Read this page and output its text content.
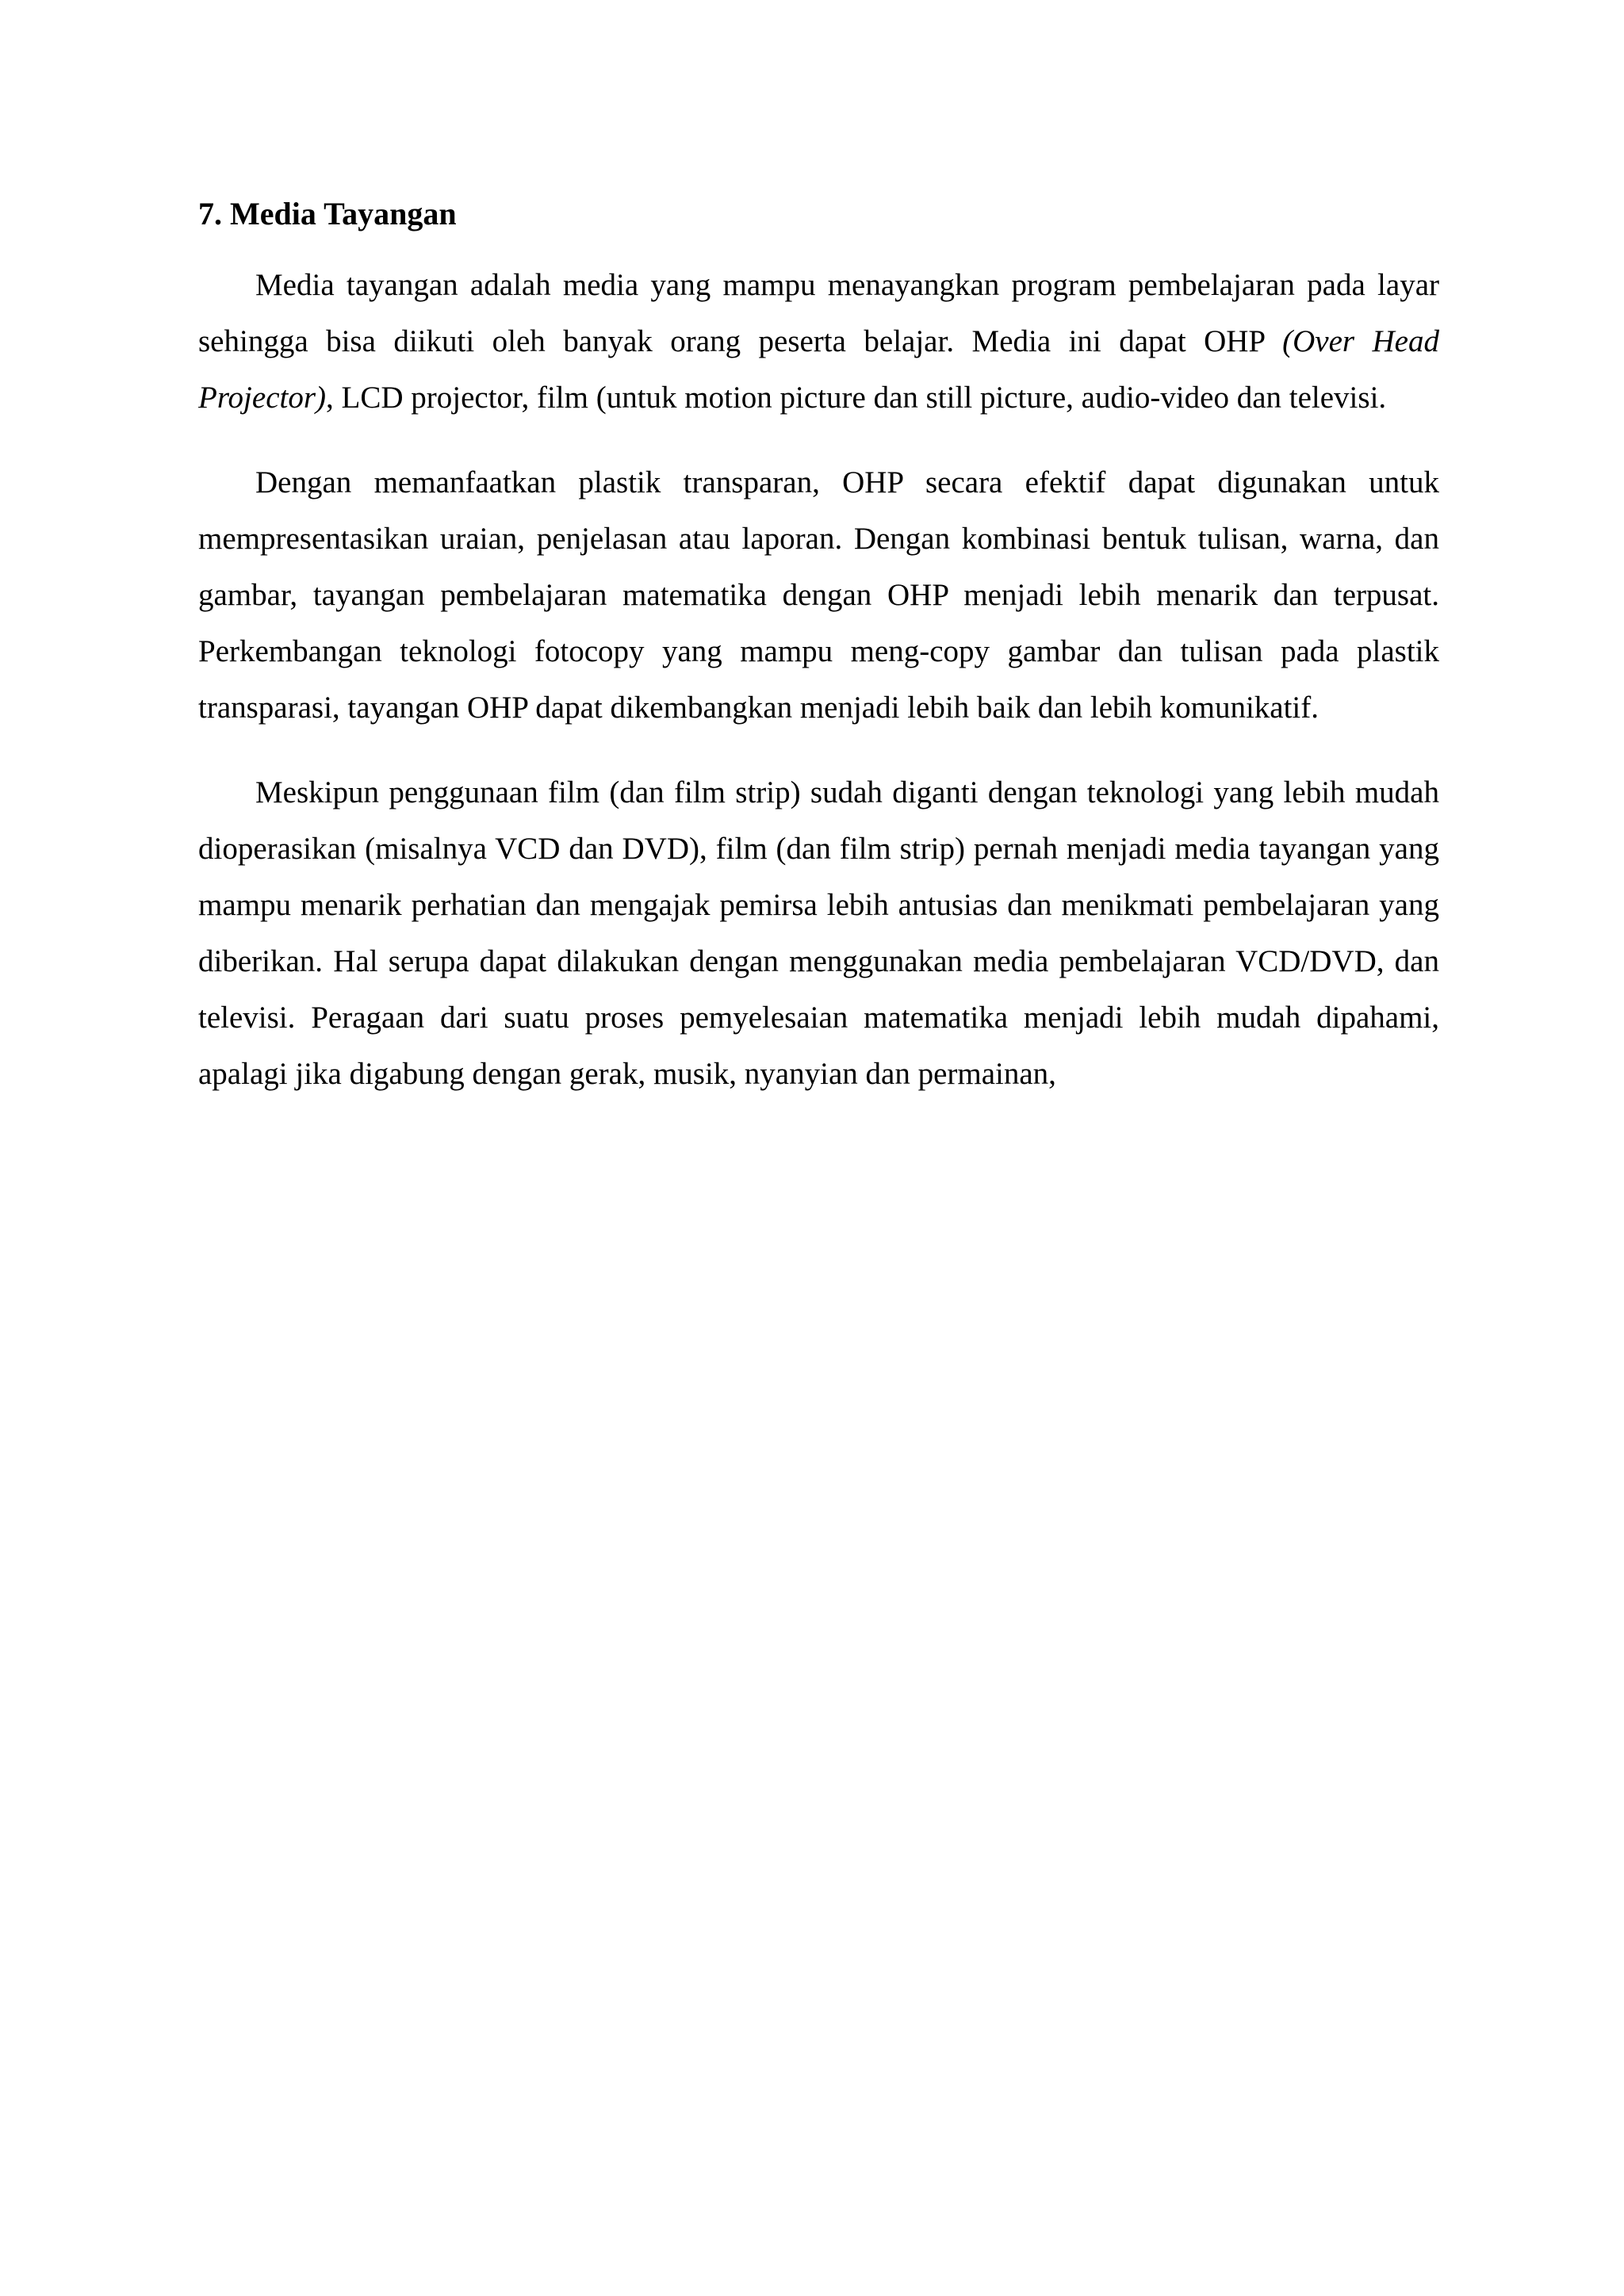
7. Media Tayangan

Media tayangan adalah media yang mampu menayangkan program pembelajaran pada layar sehingga bisa diikuti oleh banyak orang peserta belajar. Media ini dapat OHP (Over Head Projector), LCD projector, film (untuk motion picture dan still picture, audio-video dan televisi.

Dengan memanfaatkan plastik transparan, OHP secara efektif dapat digunakan untuk mempresentasikan uraian, penjelasan atau laporan. Dengan kombinasi bentuk tulisan, warna, dan gambar, tayangan pembelajaran matematika dengan OHP menjadi lebih menarik dan terpusat. Perkembangan teknologi fotocopy yang mampu meng-copy gambar dan tulisan pada plastik transparasi, tayangan OHP dapat dikembangkan menjadi lebih baik dan lebih komunikatif.

Meskipun penggunaan film (dan film strip) sudah diganti dengan teknologi yang lebih mudah dioperasikan (misalnya VCD dan DVD), film (dan film strip) pernah menjadi media tayangan yang mampu menarik perhatian dan mengajak pemirsa lebih antusias dan menikmati pembelajaran yang diberikan. Hal serupa dapat dilakukan dengan menggunakan media pembelajaran VCD/DVD, dan televisi. Peragaan dari suatu proses pemyelesaian matematika menjadi lebih mudah dipahami, apalagi jika digabung dengan gerak, musik, nyanyian dan permainan,
